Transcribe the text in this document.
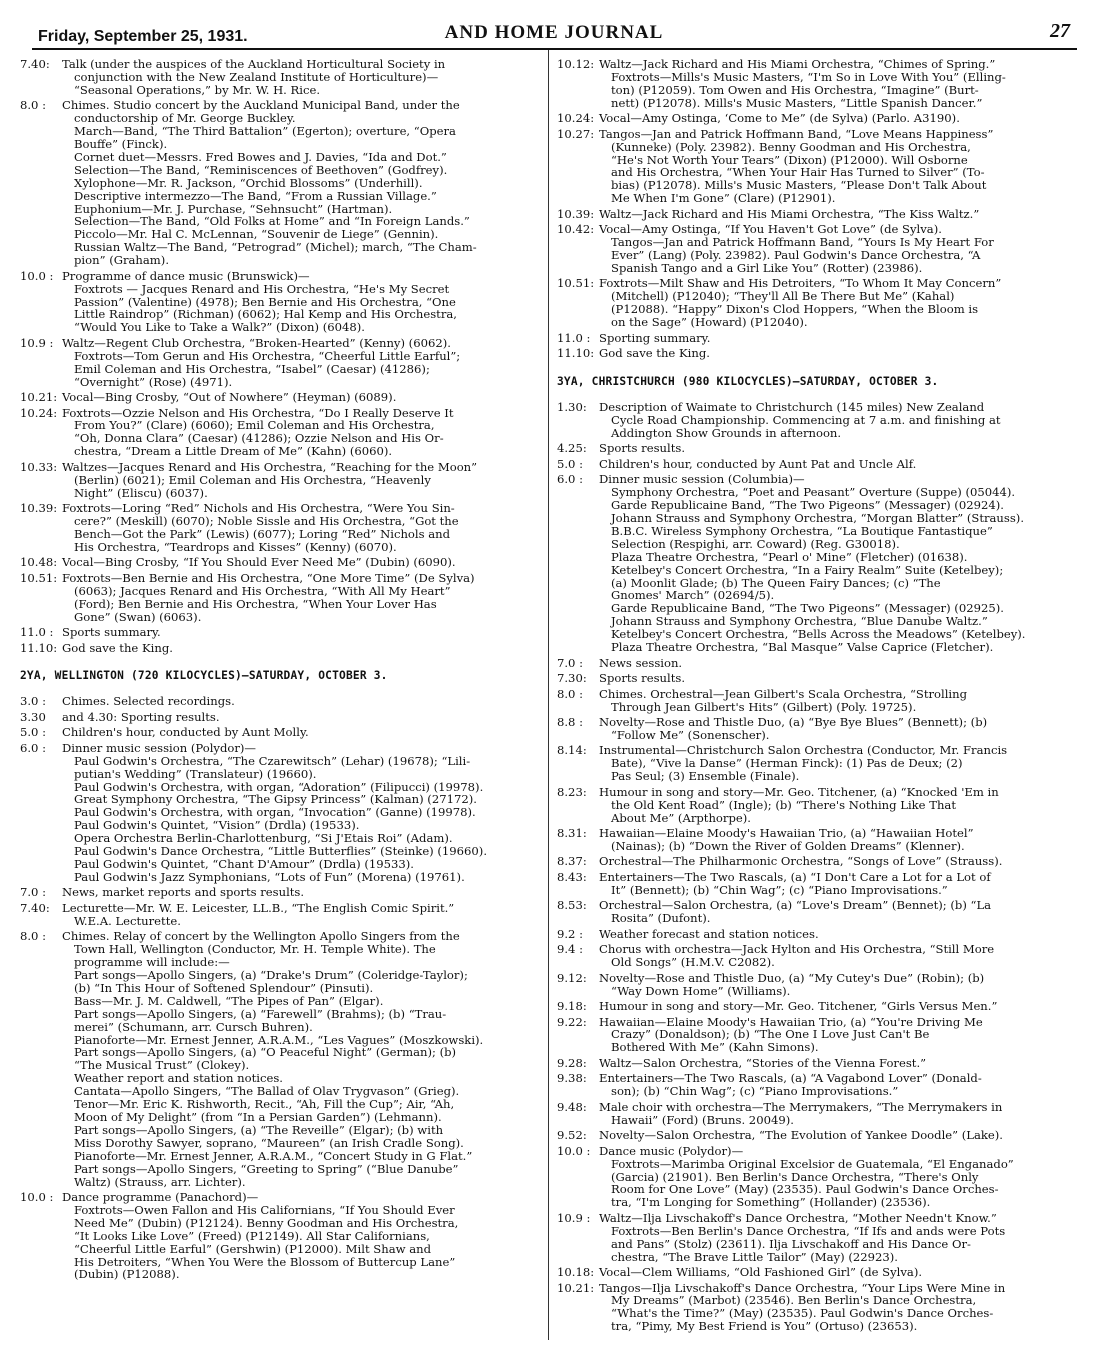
Friday, September 25, 1931.	AND HOME JOURNAL	27
7.40: Talk (under the auspices of the Auckland Horticultural Society in
conjunction with the New Zealand Institute of Horticulture)—
“Seasonal Operations,” by Mr. W. H. Rice.
8.0 : Chimes. Studio concert by the Auckland Municipal Band, under the
conductorship of Mr. George Buckley.
March—Band, “The Third Battalion” (Egerton); overture, “Opera
Bouffe” (Finck).
Cornet duet—Messrs. Fred Bowes and J. Davies, “Ida and Dot.”
Selection—The Band, “Reminiscences of Beethoven” (Godfrey).
Xylophone—Mr. R. Jackson, “Orchid Blossoms” (Underhill).
Descriptive intermezzo—The Band, “From a Russian Village.”
Euphonium—Mr. J. Purchase, “Sehnsucht” (Hartman).
Selection—The Band, “Old Folks at Home” and “In Foreign Lands.”
Piccolo—Mr. Hal C. McLennan, “Souvenir de Liege” (Gennin).
Russian Waltz—The Band, “Petrograd” (Michel); march, “The Cham-
pion” (Graham).
10.0 : Programme of dance music (Brunswick)—
Foxtrots — Jacques Renard and His Orchestra, “He's My Secret
Passion” (Valentine) (4978); Ben Bernie and His Orchestra, “One
Little Raindrop” (Richman) (6062); Hal Kemp and His Orchestra,
“Would You Like to Take a Walk?” (Dixon) (6048).
10.9 : Waltz—Regent Club Orchestra, “Broken-Hearted” (Kenny) (6062).
Foxtrots—Tom Gerun and His Orchestra, “Cheerful Little Earful”;
Emil Coleman and His Orchestra, “Isabel” (Caesar) (41286);
“Overnight” (Rose) (4971).
10.21: Vocal—Bing Crosby, “Out of Nowhere” (Heyman) (6089).
10.24: Foxtrots—Ozzie Nelson and His Orchestra, “Do I Really Deserve It
From You?” (Clare) (6060); Emil Coleman and His Orchestra,
“Oh, Donna Clara” (Caesar) (41286); Ozzie Nelson and His Or-
chestra, “Dream a Little Dream of Me” (Kahn) (6060).
10.33: Waltzes—Jacques Renard and His Orchestra, “Reaching for the Moon”
(Berlin) (6021); Emil Coleman and His Orchestra, “Heavenly
Night” (Eliscu) (6037).
10.39: Foxtrots—Loring “Red” Nichols and His Orchestra, “Were You Sin-
cere?” (Meskill) (6070); Noble Sissle and His Orchestra, “Got the
Bench—Got the Park” (Lewis) (6077); Loring “Red” Nichols and
His Orchestra, “Teardrops and Kisses” (Kenny) (6070).
10.48: Vocal—Bing Crosby, “If You Should Ever Need Me” (Dubin) (6090).
10.51: Foxtrots—Ben Bernie and His Orchestra, “One More Time” (De Sylva)
(6063); Jacques Renard and His Orchestra, “With All My Heart”
(Ford); Ben Bernie and His Orchestra, “When Your Lover Has
Gone” (Swan) (6063).
11.0 : Sports summary.
11.10: God save the King.
2YA, WELLINGTON (720 KILOCYCLES)—SATURDAY, OCTOBER 3.
3.0 : Chimes. Selected recordings.
3.30 and 4.30: Sporting results.
5.0 : Children's hour, conducted by Aunt Molly.
6.0 : Dinner music session (Polydor)—
Paul Godwin's Orchestra, “The Czarewitsch” (Lehar) (19678); “Lili-
putian's Wedding” (Translateur) (19660).
Paul Godwin's Orchestra, with organ, “Adoration” (Filipucci) (19978).
Great Symphony Orchestra, “The Gipsy Princess” (Kalman) (27172).
Paul Godwin's Orchestra, with organ, “Invocation” (Ganne) (19978).
Paul Godwin's Quintet, “Vision” (Drdla) (19533).
Opera Orchestra Berlin-Charlottenburg, “Si J'Etais Roi” (Adam).
Paul Godwin's Dance Orchestra, “Little Butterflies” (Steinke) (19660).
Paul Godwin's Quintet, “Chant D'Amour” (Drdla) (19533).
Paul Godwin's Jazz Symphonians, “Lots of Fun” (Morena) (19761).
7.0 : News, market reports and sports results.
7.40: Lecturette—Mr. W. E. Leicester, LL.B., “The English Comic Spirit.”
W.E.A. Lecturette.
8.0 : Chimes. Relay of concert by the Wellington Apollo Singers from the
Town Hall, Wellington (Conductor, Mr. H. Temple White). The
programme will include:—
Part songs—Apollo Singers, (a) “Drake's Drum” (Coleridge-Taylor);
(b) “In This Hour of Softened Splendour” (Pinsuti).
Bass—Mr. J. M. Caldwell, “The Pipes of Pan” (Elgar).
Part songs—Apollo Singers, (a) “Farewell” (Brahms); (b) “Trau-
merei” (Schumann, arr. Cursch Buhren).
Pianoforte—Mr. Ernest Jenner, A.R.A.M., “Les Vagues” (Moszkowski).
Part songs—Apollo Singers, (a) “O Peaceful Night” (German); (b)
“The Musical Trust” (Clokey).
Weather report and station notices.
Cantata—Apollo Singers, “The Ballad of Olav Trygvason” (Grieg).
Tenor—Mr. Eric K. Rishworth, Recit., “Ah, Fill the Cup”; Air, “Ah,
Moon of My Delight” (from “In a Persian Garden”) (Lehmann).
Part songs—Apollo Singers, (a) “The Reveille” (Elgar); (b) with
Miss Dorothy Sawyer, soprano, “Maureen” (an Irish Cradle Song).
Pianoforte—Mr. Ernest Jenner, A.R.A.M., “Concert Study in G Flat.”
Part songs—Apollo Singers, “Greeting to Spring” (“Blue Danube”
Waltz) (Strauss, arr. Lichter).
10.0 : Dance programme (Panachord)—
Foxtrots—Owen Fallon and His Californians, “If You Should Ever
Need Me” (Dubin) (P12124). Benny Goodman and His Orchestra,
“It Looks Like Love” (Freed) (P12149). All Star Californians,
“Cheerful Little Earful” (Gershwin) (P12000). Milt Shaw and
His Detroiters, “When You Were the Blossom of Buttercup Lane”
(Dubin) (P12088).
10.12: Waltz—Jack Richard and His Miami Orchestra, “Chimes of Spring.”
Foxtrots—Mills's Music Masters, “I'm So in Love With You” (Elling-
ton) (P12059). Tom Owen and His Orchestra, “Imagine” (Burt-
nett) (P12078). Mills's Music Masters, “Little Spanish Dancer.”
10.24: Vocal—Amy Ostinga, ‘Come to Me” (de Sylva) (Parlo. A3190).
10.27: Tangos—Jan and Patrick Hoffmann Band, “Love Means Happiness”
(Kunneke) (Poly. 23982). Benny Goodman and His Orchestra,
“He's Not Worth Your Tears” (Dixon) (P12000). Will Osborne
and His Orchestra, “When Your Hair Has Turned to Silver” (To-
bias) (P12078). Mills's Music Masters, “Please Don't Talk About
Me When I'm Gone” (Clare) (P12901).
10.39: Waltz—Jack Richard and His Miami Orchestra, “The Kiss Waltz.”
10.42: Vocal—Amy Ostinga, “If You Haven't Got Love” (de Sylva).
Tangos—Jan and Patrick Hoffmann Band, “Yours Is My Heart For
Ever” (Lang) (Poly. 23982). Paul Godwin's Dance Orchestra, “A
Spanish Tango and a Girl Like You” (Rotter) (23986).
10.51: Foxtrots—Milt Shaw and His Detroiters, “To Whom It May Concern”
(Mitchell) (P12040); “They'll All Be There But Me” (Kahal)
(P12088). “Happy” Dixon's Clod Hoppers, “When the Bloom is
on the Sage” (Howard) (P12040).
11.0 : Sporting summary.
11.10: God save the King.
3YA, CHRISTCHURCH (980 KILOCYCLES)—SATURDAY, OCTOBER 3.
1.30: Description of Waimate to Christchurch (145 miles) New Zealand
Cycle Road Championship. Commencing at 7 a.m. and finishing at
Addington Show Grounds in afternoon.
4.25: Sports results.
5.0 : Children's hour, conducted by Aunt Pat and Uncle Alf.
6.0 : Dinner music session (Columbia)—
Symphony Orchestra, “Poet and Peasant” Overture (Suppe) (05044).
Garde Republicaine Band, “The Two Pigeons” (Messager) (02924).
Johann Strauss and Symphony Orchestra, “Morgan Blatter” (Strauss).
B.B.C. Wireless Symphony Orchestra, “La Boutique Fantastique”
Selection (Respighi, arr. Coward) (Reg. G30018).
Plaza Theatre Orchestra, “Pearl o' Mine” (Fletcher) (01638).
Ketelbey's Concert Orchestra, “In a Fairy Realm” Suite (Ketelbey);
(a) Moonlit Glade; (b) The Queen Fairy Dances; (c) “The
Gnomes' March” (02694/5).
Garde Republicaine Band, “The Two Pigeons” (Messager) (02925).
Johann Strauss and Symphony Orchestra, “Blue Danube Waltz.”
Ketelbey's Concert Orchestra, “Bells Across the Meadows” (Ketelbey).
Plaza Theatre Orchestra, “Bal Masque” Valse Caprice (Fletcher).
7.0 : News session.
7.30: Sports results.
8.0 : Chimes. Orchestral—Jean Gilbert's Scala Orchestra, “Strolling
Through Jean Gilbert's Hits” (Gilbert) (Poly. 19725).
8.8 : Novelty—Rose and Thistle Duo, (a) “Bye Bye Blues” (Bennett); (b)
“Follow Me” (Sonenscher).
8.14: Instrumental—Christchurch Salon Orchestra (Conductor, Mr. Francis
Bate), “Vive la Danse” (Herman Finck): (1) Pas de Deux; (2)
Pas Seul; (3) Ensemble (Finale).
8.23: Humour in song and story—Mr. Geo. Titchener, (a) “Knocked 'Em in
the Old Kent Road” (Ingle); (b) “There's Nothing Like That
About Me” (Arpthorpe).
8.31: Hawaiian—Elaine Moody's Hawaiian Trio, (a) “Hawaiian Hotel”
(Nainas); (b) “Down the River of Golden Dreams” (Klenner).
8.37: Orchestral—The Philharmonic Orchestra, “Songs of Love” (Strauss).
8.43: Entertainers—The Two Rascals, (a) “I Don't Care a Lot for a Lot of
It” (Bennett); (b) “Chin Wag”; (c) “Piano Improvisations.”
8.53: Orchestral—Salon Orchestra, (a) “Love's Dream” (Bennet); (b) “La
Rosita” (Dufont).
9.2 : Weather forecast and station notices.
9.4 : Chorus with orchestra—Jack Hylton and His Orchestra, “Still More
Old Songs” (H.M.V. C2082).
9.12: Novelty—Rose and Thistle Duo, (a) “My Cutey's Due” (Robin); (b)
“Way Down Home” (Williams).
9.18: Humour in song and story—Mr. Geo. Titchener, “Girls Versus Men.”
9.22: Hawaiian—Elaine Moody's Hawaiian Trio, (a) “You're Driving Me
Crazy” (Donaldson); (b) “The One I Love Just Can't Be
Bothered With Me” (Kahn Simons).
9.28: Waltz—Salon Orchestra, “Stories of the Vienna Forest.”
9.38: Entertainers—The Two Rascals, (a) “A Vagabond Lover” (Donald-
son); (b) “Chin Wag”; (c) “Piano Improvisations.”
9.48: Male choir with orchestra—The Merrymakers, “The Merrymakers in
Hawaii” (Ford) (Bruns. 20049).
9.52: Novelty—Salon Orchestra, “The Evolution of Yankee Doodle” (Lake).
10.0 : Dance music (Polydor)—
Foxtrots—Marimba Original Excelsior de Guatemala, “El Enganado”
(Garcia) (21901). Ben Berlin's Dance Orchestra, “There's Only
Room for One Love” (May) (23535). Paul Godwin's Dance Orches-
tra, “I'm Longing for Something” (Hollander) (23536).
10.9 : Waltz—Ilja Livschakoff's Dance Orchestra, “Mother Needn't Know.”
Foxtrots—Ben Berlin's Dance Orchestra, “If Ifs and ands were Pots
and Pans” (Stolz) (23611). Ilja Livschakoff and His Dance Or-
chestra, “The Brave Little Tailor” (May) (22923).
10.18: Vocal—Clem Williams, “Old Fashioned Girl” (de Sylva).
10.21: Tangos—Ilja Livschakoff's Dance Orchestra, “Your Lips Were Mine in
My Dreams” (Marbot) (23546). Ben Berlin's Dance Orchestra,
“What's the Time?” (May) (23535). Paul Godwin's Dance Orches-
tra, “Pimy, My Best Friend is You” (Ortuso) (23653).
